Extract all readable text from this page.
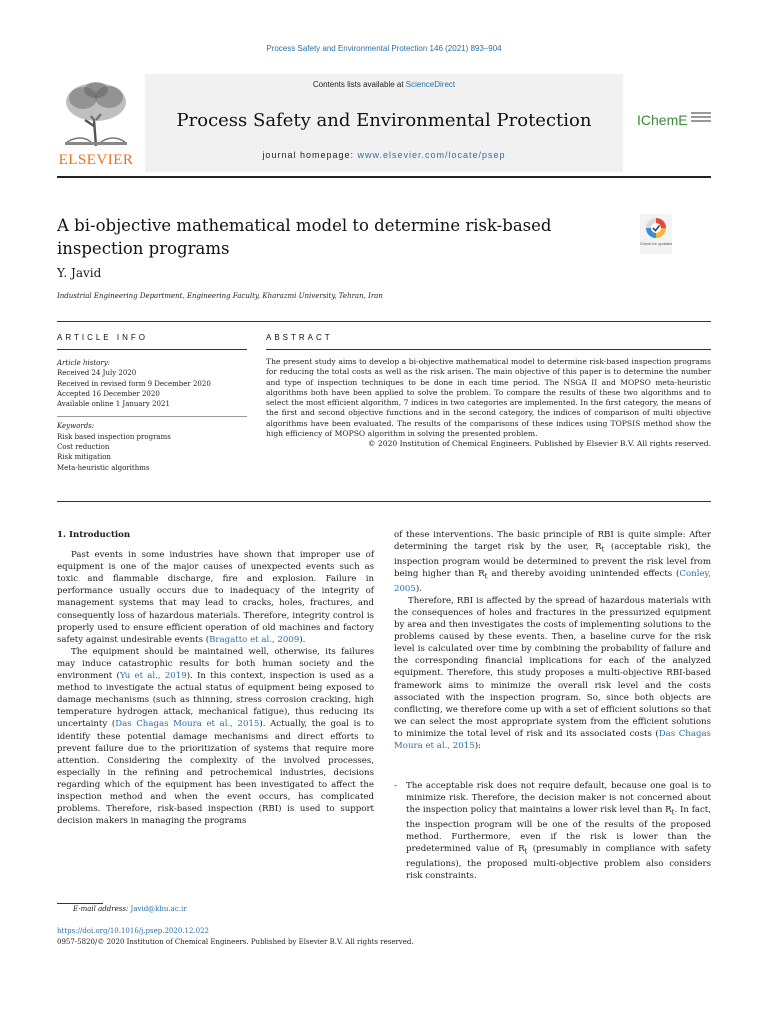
Process Safety and Environmental Protection 146 (2021) 893–904
ELSEVIER
Contents lists available at ScienceDirect
Process Safety and Environmental Protection
journal homepage: www.elsevier.com/locate/psep
IChemE
A bi-objective mathematical model to determine risk-based inspection programs	Check for updates
Y. Javid
Industrial Engineering Department, Engineering Faculty, Kharazmi University, Tehran, Iran
ARTICLE INFO	ABSTRACT
Article history:
Received 24 July 2020
Received in revised form 9 December 2020
Accepted 16 December 2020
Available online 1 January 2021
Keywords:
Risk based inspection programs
Cost reduction
Risk mitigation
Meta-heuristic algorithms
The present study aims to develop a bi-objective mathematical model to determine risk-based inspection programs for reducing the total costs as well as the risk arisen. The main objective of this paper is to determine the number and type of inspection techniques to be done in each time period. The NSGA II and MOPSO meta-heuristic algorithms both have been applied to solve the problem. To compare the results of these two algorithms and to select the most efficient algorithm, 7 indices in two categories are implemented. In the first category, the means of the first and second objective functions and in the second category, the indices of comparison of multi objective algorithms have been evaluated. The results of the comparisons of these indices using TOPSIS method show the high efficiency of MOPSO algorithm in solving the presented problem.
© 2020 Institution of Chemical Engineers. Published by Elsevier B.V. All rights reserved.

1. Introduction

Past events in some industries have shown that improper use of equipment is one of the major causes of unexpected events such as toxic and flammable discharge, fire and explosion. Failure in performance usually occurs due to inadequacy of the integrity of management systems that may lead to cracks, holes, fractures, and consequently loss of hazardous materials. Therefore, integrity control is properly used to ensure efficient operation of old machines and factory safety against undesirable events (Bragatto et al., 2009).

The equipment should be maintained well, otherwise, its failures may induce catastrophic results for both human society and the environment (Yu et al., 2019). In this context, inspection is used as a method to investigate the actual status of equipment being exposed to damage mechanisms (such as thinning, stress corrosion cracking, high temperature hydrogen attack, mechanical fatigue), thus reducing its uncertainty (Das Chagas Moura et al., 2015). Actually, the goal is to identify these potential damage mechanisms and direct efforts to prevent failure due to the prioritization of systems that require more attention. Considering the complexity of the involved processes, especially in the refining and petrochemical industries, decisions regarding which of the equipment has been investigated to affect the inspection method and when the event occurs, has complicated problems. Therefore, risk-based inspection (RBI) is used to support decision makers in managing the programs

of these interventions. The basic principle of RBI is quite simple: After determining the target risk by the user, $R_t$ (acceptable risk), the inspection program would be determined to prevent the risk level from being higher than $R_t$ and thereby avoiding unintended effects (Conley, 2005).

Therefore, RBI is affected by the spread of hazardous materials with the consequences of holes and fractures in the pressurized equipment by area and then investigates the costs of implementing solutions to the problems caused by these events. Then, a baseline curve for the risk level is calculated over time by combining the probability of failure and the corresponding financial implications for each of the analyzed equipment. Therefore, this study proposes a multi-objective RBI-based framework aims to minimize the overall risk level and the costs associated with the inspection program. So, since both objects are conflicting, we therefore come up with a set of efficient solutions so that we can select the most appropriate system from the efficient solutions to minimize the total level of risk and its associated costs (Das Chagas Moura et al., 2015):

- The acceptable risk does not require default, because one goal is to minimize risk. Therefore, the decision maker is not concerned about the inspection policy that maintains a lower risk level than $R_t$. In fact, the inspection program will be one of the results of the proposed method. Furthermore, even if the risk is lower than the predetermined value of $R_t$ (presumably in compliance with safety regulations), the proposed multi-objective problem also considers risk constraints.
E-mail address: Javid@khu.ac.ir
https://doi.org/10.1016/j.psep.2020.12.022
0957-5820/© 2020 Institution of Chemical Engineers. Published by Elsevier B.V. All rights reserved.
